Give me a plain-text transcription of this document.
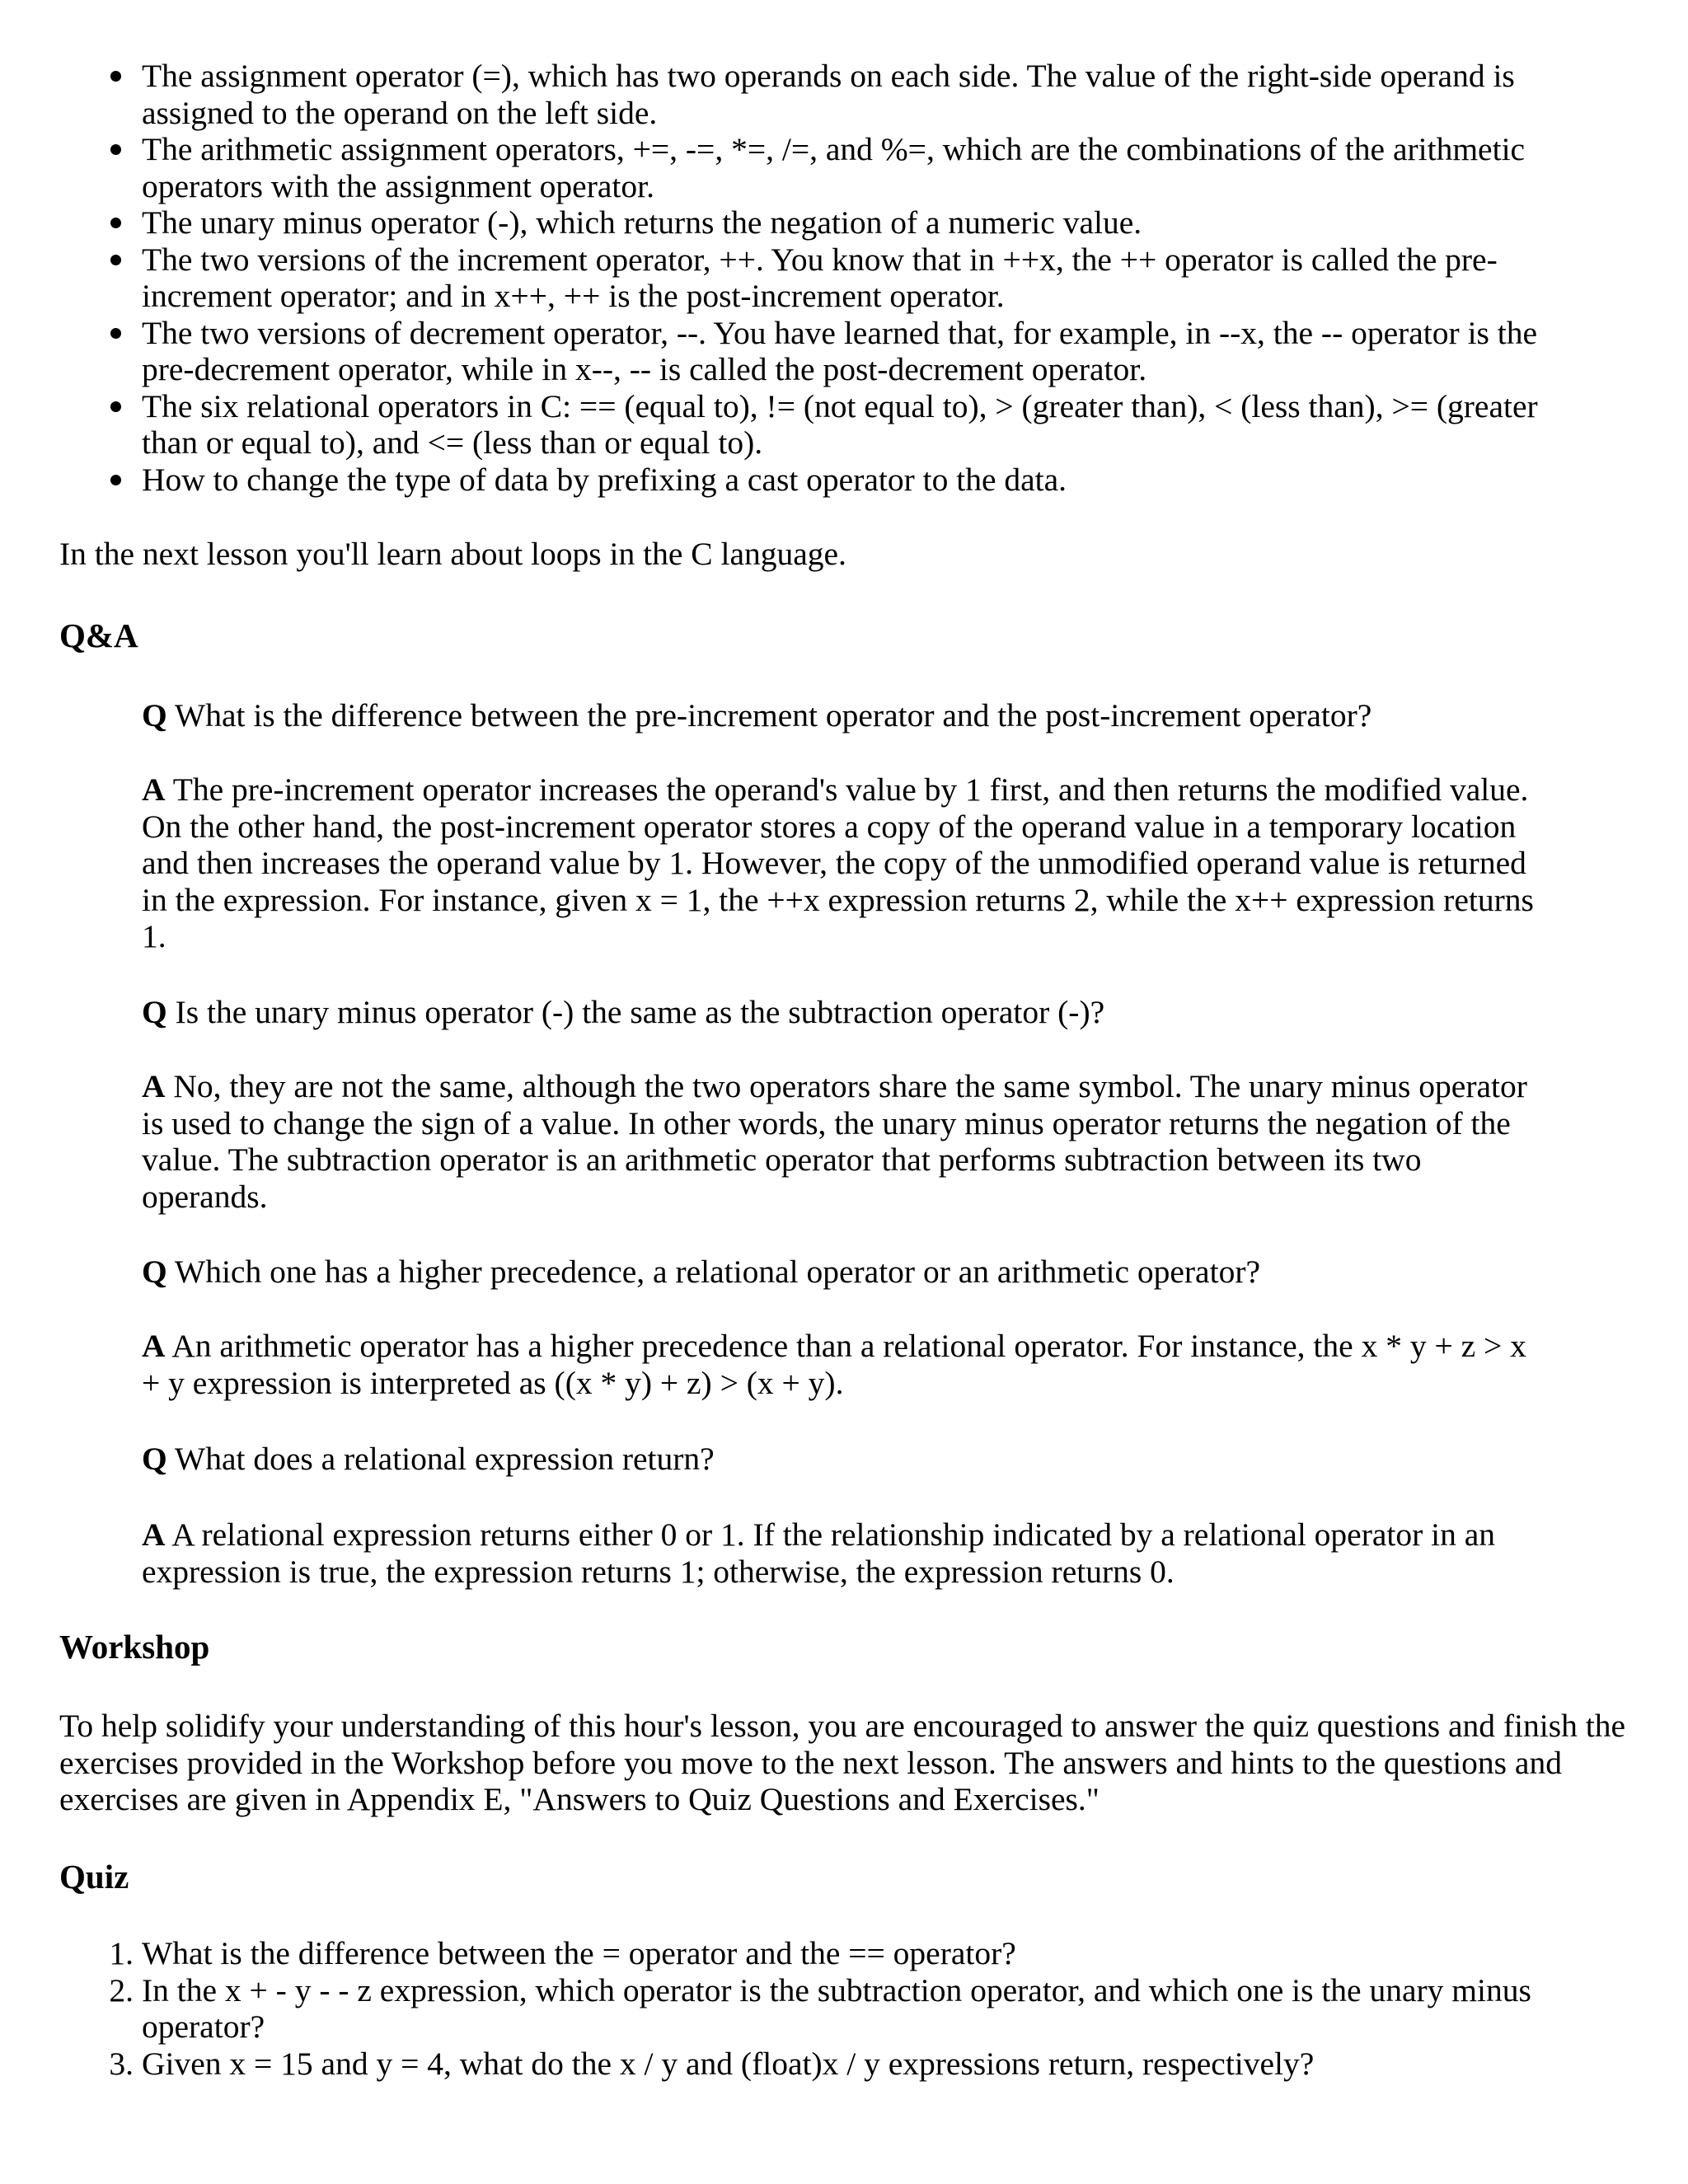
The assignment operator (=), which has two operands on each side. The value of the right-side operand is assigned to the operand on the left side.
The arithmetic assignment operators, +=, -=, *=, /=, and %=, which are the combinations of the arithmetic operators with the assignment operator.
The unary minus operator (-), which returns the negation of a numeric value.
The two versions of the increment operator, ++. You know that in ++x, the ++ operator is called the pre-increment operator; and in x++, ++ is the post-increment operator.
The two versions of decrement operator, --. You have learned that, for example, in --x, the -- operator is the pre-decrement operator, while in x--, -- is called the post-decrement operator.
The six relational operators in C: == (equal to), != (not equal to), > (greater than), < (less than), >= (greater than or equal to), and <= (less than or equal to).
How to change the type of data by prefixing a cast operator to the data.

In the next lesson you'll learn about loops in the C language.

Q&A

Q What is the difference between the pre-increment operator and the post-increment operator?

A The pre-increment operator increases the operand's value by 1 first, and then returns the modified value. On the other hand, the post-increment operator stores a copy of the operand value in a temporary location and then increases the operand value by 1. However, the copy of the unmodified operand value is returned in the expression. For instance, given x = 1, the ++x expression returns 2, while the x++ expression returns 1.

Q Is the unary minus operator (-) the same as the subtraction operator (-)?

A No, they are not the same, although the two operators share the same symbol. The unary minus operator is used to change the sign of a value. In other words, the unary minus operator returns the negation of the value. The subtraction operator is an arithmetic operator that performs subtraction between its two operands.

Q Which one has a higher precedence, a relational operator or an arithmetic operator?

A An arithmetic operator has a higher precedence than a relational operator. For instance, the x * y + z > x + y expression is interpreted as ((x * y) + z) > (x + y).

Q What does a relational expression return?

A A relational expression returns either 0 or 1. If the relationship indicated by a relational operator in an expression is true, the expression returns 1; otherwise, the expression returns 0.

Workshop

To help solidify your understanding of this hour's lesson, you are encouraged to answer the quiz questions and finish the exercises provided in the Workshop before you move to the next lesson. The answers and hints to the questions and exercises are given in Appendix E, "Answers to Quiz Questions and Exercises."

Quiz
1. What is the difference between the = operator and the == operator?
2. In the x + - y - - z expression, which operator is the subtraction operator, and which one is the unary minus operator?
3. Given x = 15 and y = 4, what do the x / y and (float)x / y expressions return, respectively?
